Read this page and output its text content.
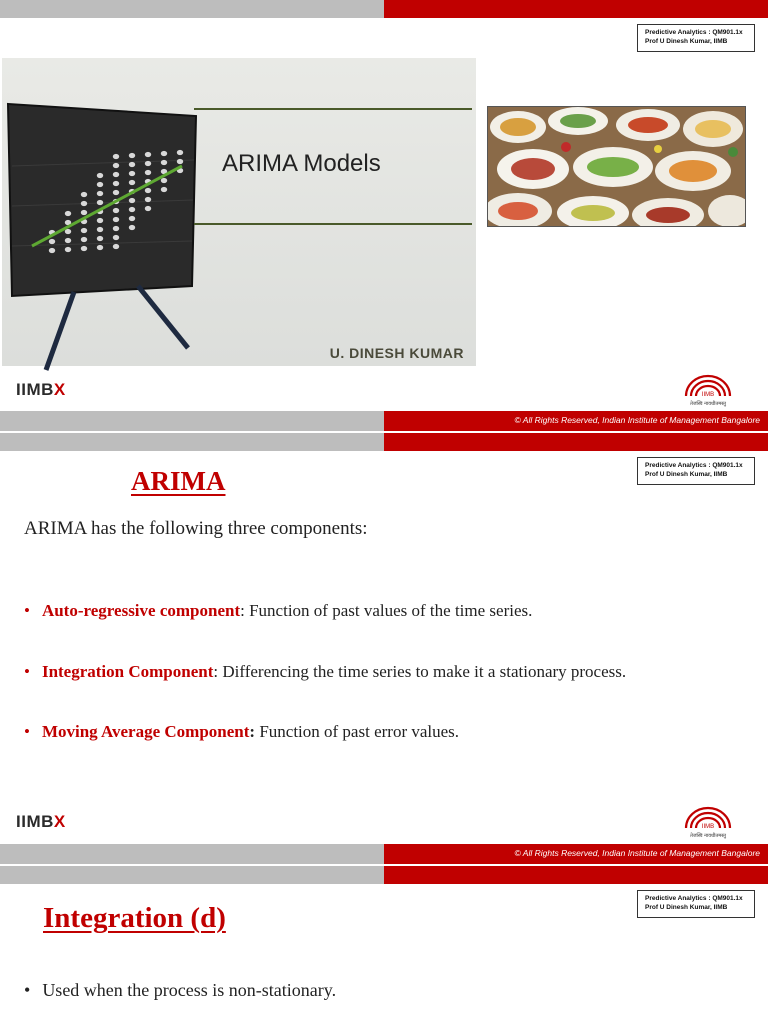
Predictive Analytics : QM901.1x
Prof U Dinesh Kumar, IIMB
ARIMA Models
U. DINESH KUMAR
IIMBX	IIMB
तेजस्वि नावधीतमस्तु
© All Rights Reserved, Indian Institute of Management Bangalore
Predictive Analytics : QM901.1x
Prof U Dinesh Kumar, IIMB
ARIMA
ARIMA has the following three components:
• Auto-regressive component: Function of past values of the time series.
• Integration Component: Differencing the time series to make it a stationary process.
• Moving Average Component: Function of past error values.
IIMBX	IIMB
तेजस्वि नावधीतमस्तु
© All Rights Reserved, Indian Institute of Management Bangalore
Predictive Analytics : QM901.1x
Prof U Dinesh Kumar, IIMB
Integration (d)
• Used when the process is non-stationary.
